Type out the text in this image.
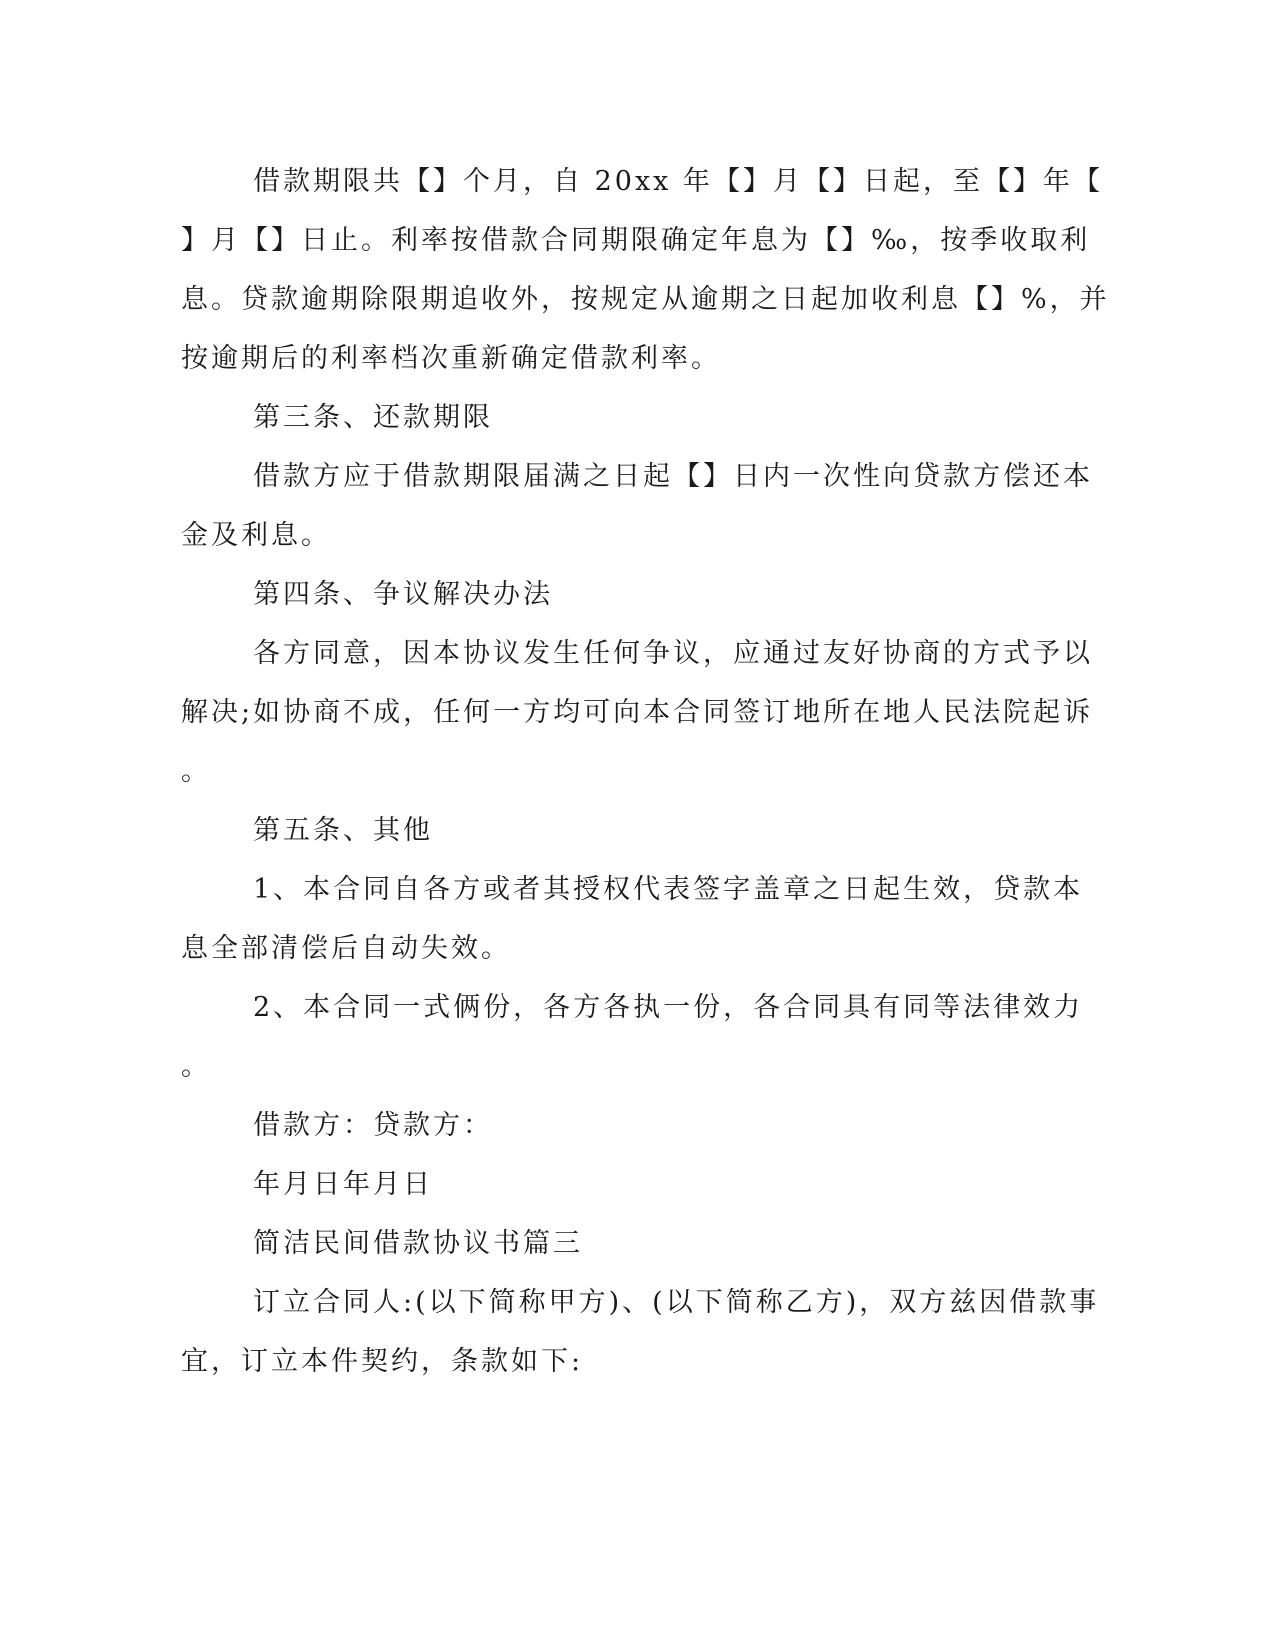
借款期限共【】个月，自 20xx 年【】月【】日起，至【】年【
】月【】日止。利率按借款合同期限确定年息为【】‰，按季收取利
息。贷款逾期除限期追收外，按规定从逾期之日起加收利息【】%，并
按逾期后的利率档次重新确定借款利率。
第三条、还款期限
借款方应于借款期限届满之日起【】日内一次性向贷款方偿还本
金及利息。
第四条、争议解决办法
各方同意，因本协议发生任何争议，应通过友好协商的方式予以
解决;如协商不成，任何一方均可向本合同签订地所在地人民法院起诉
。
第五条、其他
1、本合同自各方或者其授权代表签字盖章之日起生效，贷款本
息全部清偿后自动失效。
2、本合同一式俩份，各方各执一份，各合同具有同等法律效力
。
借款方：贷款方：
年月日年月日
简洁民间借款协议书篇三
订立合同人:(以下简称甲方)、(以下简称乙方)，双方兹因借款事
宜，订立本件契约，条款如下:
